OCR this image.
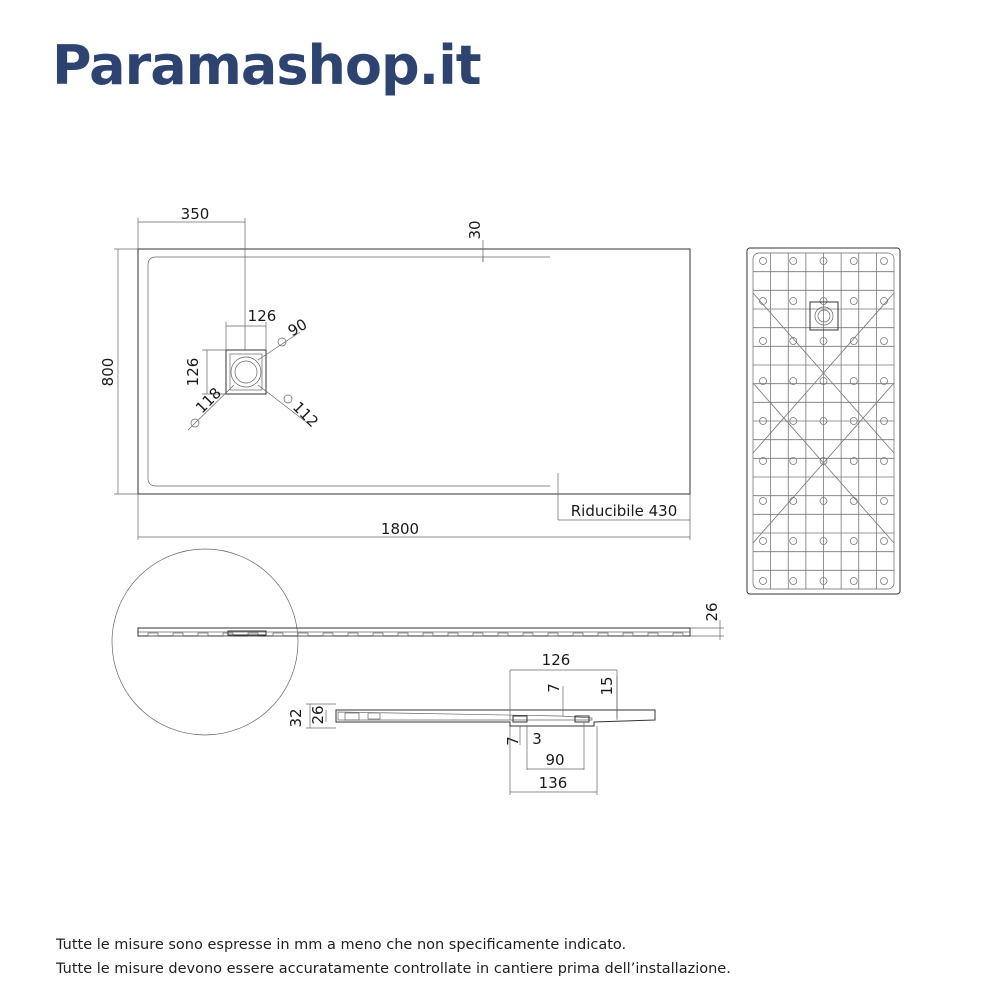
Paramashop.it
350
30
126
126
90
118	112
800
1800
Riducibile 430
26
126
7 15
32 26
7 3
90
136
Tutte le misure sono espresse in mm a meno che non specificamente indicato.
Tutte le misure devono essere accuratamente controllate in cantiere prima dell’installazione.
